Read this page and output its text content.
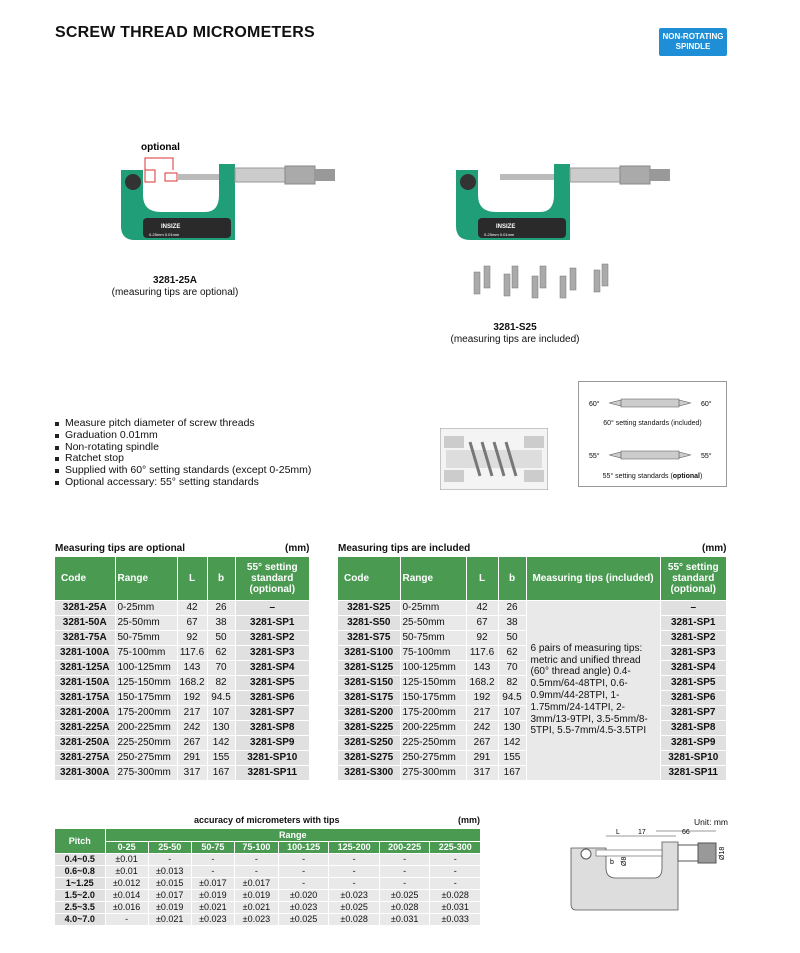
SCREW THREAD MICROMETERS	NON-ROTATING SPINDLE
optional
INSIZE
0-25mm 0.01mm
3281-25A
(measuring tips are optional)
INSIZE
0-25mm 0.01mm
3281-S25
(measuring tips are included)
Measure pitch diameter of screw threads
Graduation 0.01mm
Non-rotating spindle
Ratchet stop
Supplied with 60° setting standards (except 0-25mm)
Optional accessary: 55° setting standards
60°	60°
55°	55°
60° setting standards (included)
55° setting standards (optional)
Measuring tips are optional	(mm)
Code	Range	L	b	55° setting standard (optional)
3281-25A	0-25mm	42	26	–
3281-50A	25-50mm	67	38	3281-SP1
3281-75A	50-75mm	92	50	3281-SP2
3281-100A	75-100mm	117.6	62	3281-SP3
3281-125A	100-125mm	143	70	3281-SP4
3281-150A	125-150mm	168.2	82	3281-SP5
3281-175A	150-175mm	192	94.5	3281-SP6
3281-200A	175-200mm	217	107	3281-SP7
3281-225A	200-225mm	242	130	3281-SP8
3281-250A	225-250mm	267	142	3281-SP9
3281-275A	250-275mm	291	155	3281-SP10
3281-300A	275-300mm	317	167	3281-SP11
Measuring tips are included	(mm)
Code	Range	L	b	Measuring tips (included)	55° setting standard (optional)
3281-S25	0-25mm	42	26	6 pairs of measuring tips: metric and unified thread (60° thread angle) 0.4-0.5mm/64-48TPI, 0.6-0.9mm/44-28TPI, 1-1.75mm/24-14TPI, 2-3mm/13-9TPI, 3.5-5mm/8-5TPI, 5.5-7mm/4.5-3.5TPI	–
3281-S50	25-50mm	67	38		3281-SP1
3281-S75	50-75mm	92	50		3281-SP2
3281-S100	75-100mm	117.6	62		3281-SP3
3281-S125	100-125mm	143	70		3281-SP4
3281-S150	125-150mm	168.2	82		3281-SP5
3281-S175	150-175mm	192	94.5		3281-SP6
3281-S200	175-200mm	217	107		3281-SP7
3281-S225	200-225mm	242	130		3281-SP8
3281-S250	225-250mm	267	142		3281-SP9
3281-S275	250-275mm	291	155		3281-SP10
3281-S300	275-300mm	317	167		3281-SP11
accuracy of micrometers with tips	(mm)
Pitch	Range							
	0-25	25-50	50-75	75-100	100-125	125-200	200-225	225-300
0.4~0.5	±0.01	-	-	-	-	-	-	-
0.6~0.8	±0.01	±0.013	-	-	-	-	-	-
1~1.25	±0.012	±0.015	±0.017	±0.017	-	-	-	-
1.5~2.0	±0.014	±0.017	±0.019	±0.019	±0.020	±0.023	±0.025	±0.028
2.5~3.5	±0.016	±0.019	±0.021	±0.021	±0.023	±0.025	±0.028	±0.031
4.0~7.0	-	±0.021	±0.023	±0.023	±0.025	±0.028	±0.031	±0.033
Unit: mm
L	17	66
b Ø8
Ø18
